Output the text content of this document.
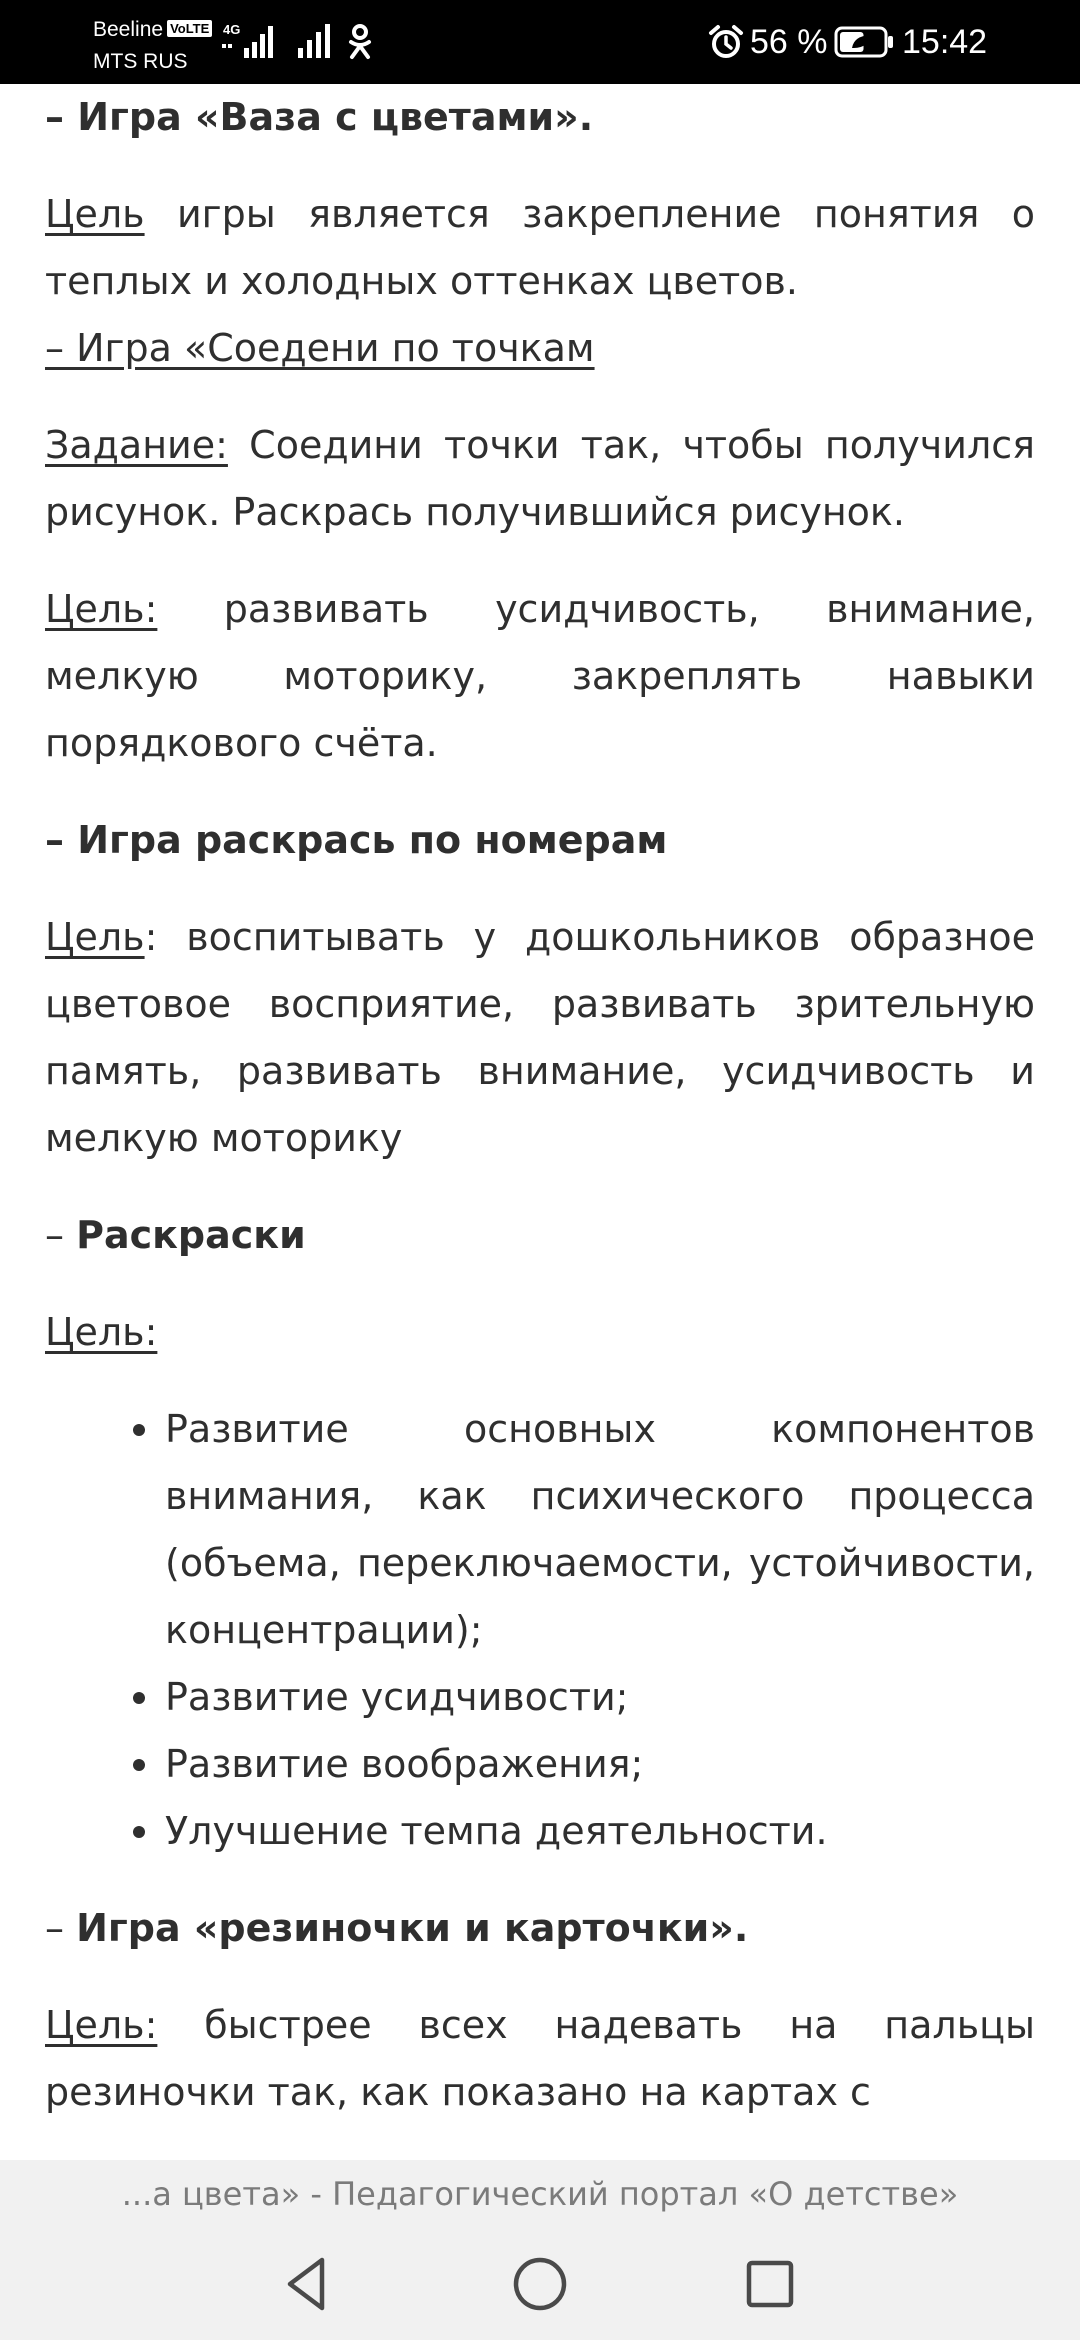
Beeline VoLTE
MTS RUS
4G	56 % 15:42

– Игра «Ваза с цветами».

Цель игры является закрепление понятия о теплых и холодных оттенках цветов.

– Игра «Соедени по точкам

Задание: Соедини точки так, чтобы получился рисунок. Раскрась получившийся рисунок.

Цель: развивать усидчивость, внимание, мелкую моторику, закреплять навыки порядкового счёта.

– Игра раскрась по номерам

Цель: воспитывать у дошкольников образное цветовое восприятие, развивать зрительную память, развивать внимание, усидчивость и мелкую моторику

– Раскраски

Цель:

Развитие основных компонентов внимания, как психического процесса (объема, переключаемости, устойчивости, концентрации);
Развитие усидчивости;
Развитие воображения;
Улучшение темпа деятельности.

– Игра «резиночки и карточки».

Цель: быстрее всех надевать на пальцы резиночки так, как показано на картах с

...а цвета» - Педагогический портал «О детстве»
